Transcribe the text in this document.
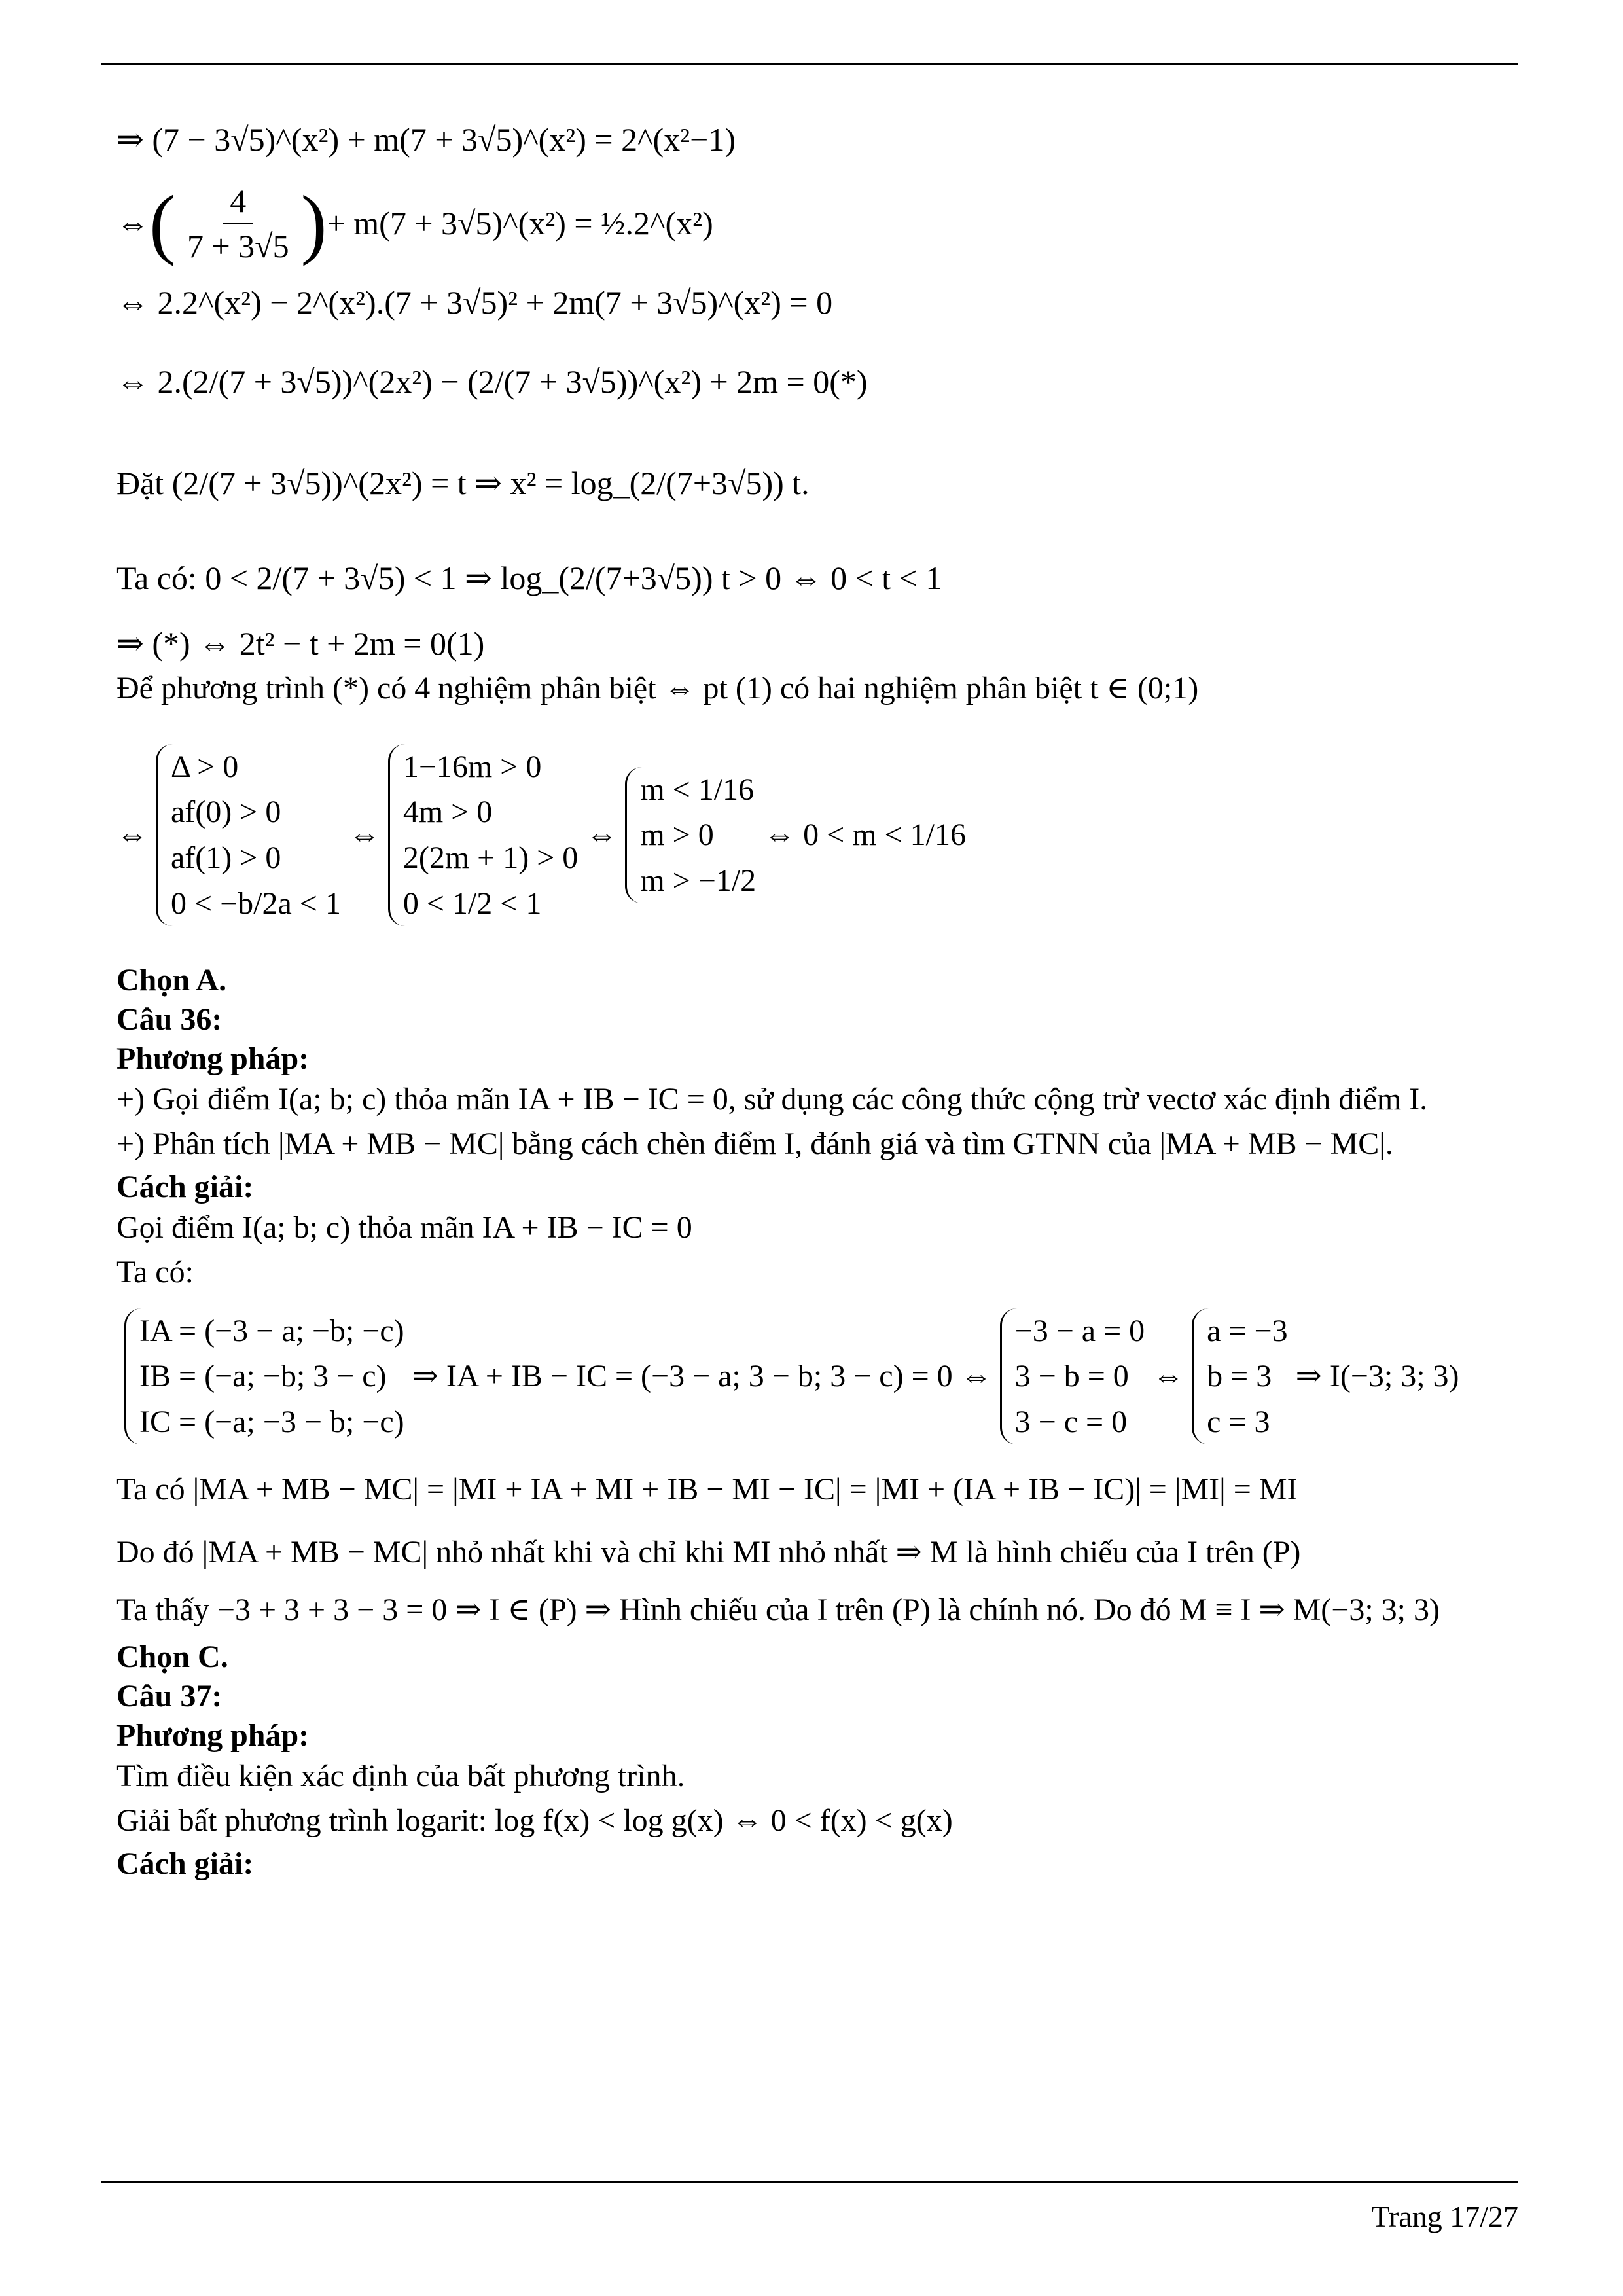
⇒ (7 − 3√5)^(x²) + m(7 + 3√5)^(x²) = 2^(x²−1)
⇔ ( $\frac{4}{7 + 3√5}$ ) + m(7 + 3√5)^(x²) = ½.2^(x²)
⇔ 2.2^(x²) − 2^(x²).(7 + 3√5)² + 2m(7 + 3√5)^(x²) = 0
⇔ 2.(2/(7 + 3√5))^(2x²) − (2/(7 + 3√5))^(x²) + 2m = 0(*)
Đặt (2/(7 + 3√5))^(2x²) = t ⇒ x² = log_(2/(7+3√5)) t.
Ta có: 0 < 2/(7 + 3√5) < 1 ⇒ log_(2/(7+3√5)) t > 0 ⇔ 0 < t < 1
⇒ (*) ⇔ 2t² − t + 2m = 0(1)
Để phương trình (*) có 4 nghiệm phân biệt ⇔ pt (1) có hai nghiệm phân biệt t ∈ (0;1)
⇔
Δ > 0
af(0) > 0
af(1) > 0
0 < −b/2a < 1
⇔
1−16m > 0
4m > 0
2(2m + 1) > 0
0 < 1/2 < 1
⇔
m < 1/16
m > 0
m > −1/2
⇔ 0 < m < 1/16
Chọn A.
Câu 36:
Phương pháp:
+) Gọi điểm I(a; b; c) thỏa mãn IA + IB − IC = 0, sử dụng các công thức cộng trừ vectơ xác định điểm I.
+) Phân tích |MA + MB − MC| bằng cách chèn điểm I, đánh giá và tìm GTNN của |MA + MB − MC|.
Cách giải:
Gọi điểm I(a; b; c) thỏa mãn IA + IB − IC = 0
Ta có:
IA = (−3 − a; −b; −c)
IB = (−a; −b; 3 − c)
IC = (−a; −3 − b; −c)
⇒ IA + IB − IC = (−3 − a; 3 − b; 3 − c) = 0 ⇔
−3 − a = 0
3 − b = 0
3 − c = 0
⇔
a = −3
b = 3
c = 3
⇒ I(−3; 3; 3)
Ta có |MA + MB − MC| = |MI + IA + MI + IB − MI − IC| = |MI + (IA + IB − IC)| = |MI| = MI
Do đó |MA + MB − MC| nhỏ nhất khi và chỉ khi MI nhỏ nhất ⇒ M là hình chiếu của I trên (P)
Ta thấy −3 + 3 + 3 − 3 = 0 ⇒ I ∈ (P) ⇒ Hình chiếu của I trên (P) là chính nó. Do đó M ≡ I ⇒ M(−3; 3; 3)
Chọn C.
Câu 37:
Phương pháp:
Tìm điều kiện xác định của bất phương trình.
Giải bất phương trình logarit: log f(x) < log g(x) ⇔ 0 < f(x) < g(x)
Cách giải:
Trang 17/27
